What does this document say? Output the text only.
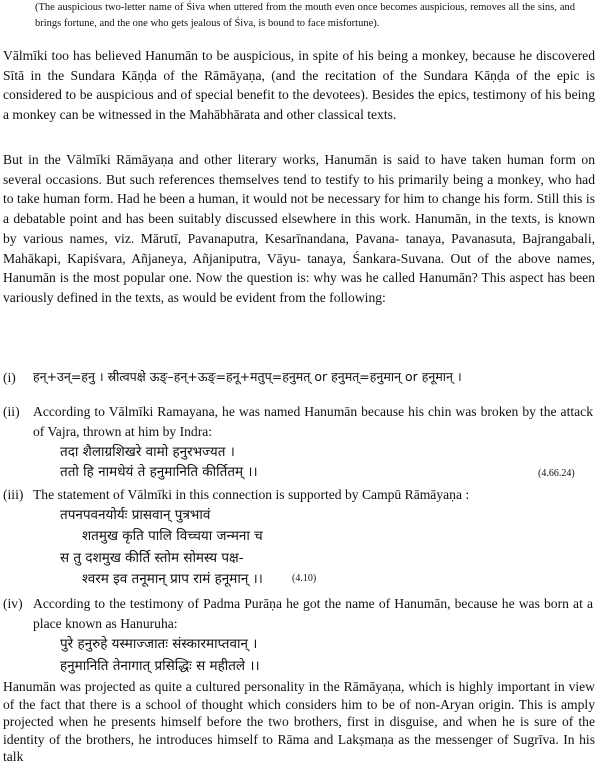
(The auspicious two-letter name of Śiva when uttered from the mouth even once becomes auspicious, removes all the sins, and brings fortune, and the one who gets jealous of Śiva, is bound to face misfortune).
Vālmīki too has believed Hanumān to be auspicious, in spite of his being a monkey, because he discovered Sītā in the Sundara Kāṇḍa of the Rāmāyaṇa, (and the recitation of the Sundara Kāṇḍa of the epic is considered to be auspicious and of special benefit to the devotees). Besides the epics, testimony of his being a monkey can be witnessed in the Mahābhārata and other classical texts.
But in the Vālmīki Rāmāyaṇa and other literary works, Hanumān is said to have taken human form on several occasions. But such references themselves tend to testify to his primarily being a monkey, who had to take human form. Had he been a human, it would not be necessary for him to change his form. Still this is a debatable point and has been suitably discussed elsewhere in this work. Hanumān, in the texts, is known by various names, viz. Mārutī, Pavanaputra, Kesarīnandana, Pavana- tanaya, Pavanasuta, Bajrangabali, Mahākapi, Kapiśvara, Añjaneya, Añjaniputra, Vāyu- tanaya, Śankara-Suvana. Out of the above names, Hanumān is the most popular one. Now the question is: why was he called Hanumān? This aspect has been variously defined in the texts, as would be evident from the following:
(i) हन्+उन्=हनु । स्रीत्वपक्षे ऊङ्–हन्+ऊङ्=हनू+मतुप्=हनुमत् or हनुमत्=हनुमान् or हनूमान् ।
(ii) According to Vālmīki Ramayana, he was named Hanumān because his chin was broken by the attack of Vajra, thrown at him by Indra:
तदा शैलाग्रशिखरे वामो हनुरभज्यत ।
ततो हि नामधेयं ते हनुमानिति कीर्तितम् ।।	(4.66.24)
(iii) The statement of Vālmīki in this connection is supported by Campū Rāmāyaṇa :
तपनपवनयोर्यः प्रासवान् पुत्रभावं
शतमुख कृति पालि विच्चया जन्मना च
स तु दशमुख कीर्ति स्तोम सोमस्य पक्ष-
श्वरम इव तनूमान् प्राप रामं हनूमान् ।।	(4.10)
(iv) According to the testimony of Padma Purāṇa he got the name of Hanumān, because he was born at a place known as Hanuruha:
पुरे हनुरुहे यस्माज्जातः संस्कारमाप्तवान् ।
हनुमानिति तेनागात् प्रसिद्धिः स महीतले ।।
Hanumān was projected as quite a cultured personality in the Rāmāyaṇa, which is highly important in view of the fact that there is a school of thought which considers him to be of non-Aryan origin. This is amply projected when he presents himself before the two brothers, first in disguise, and when he is sure of the identity of the brothers, he introduces himself to Rāma and Lakṣmaṇa as the messenger of Sugrīva. In his talk
